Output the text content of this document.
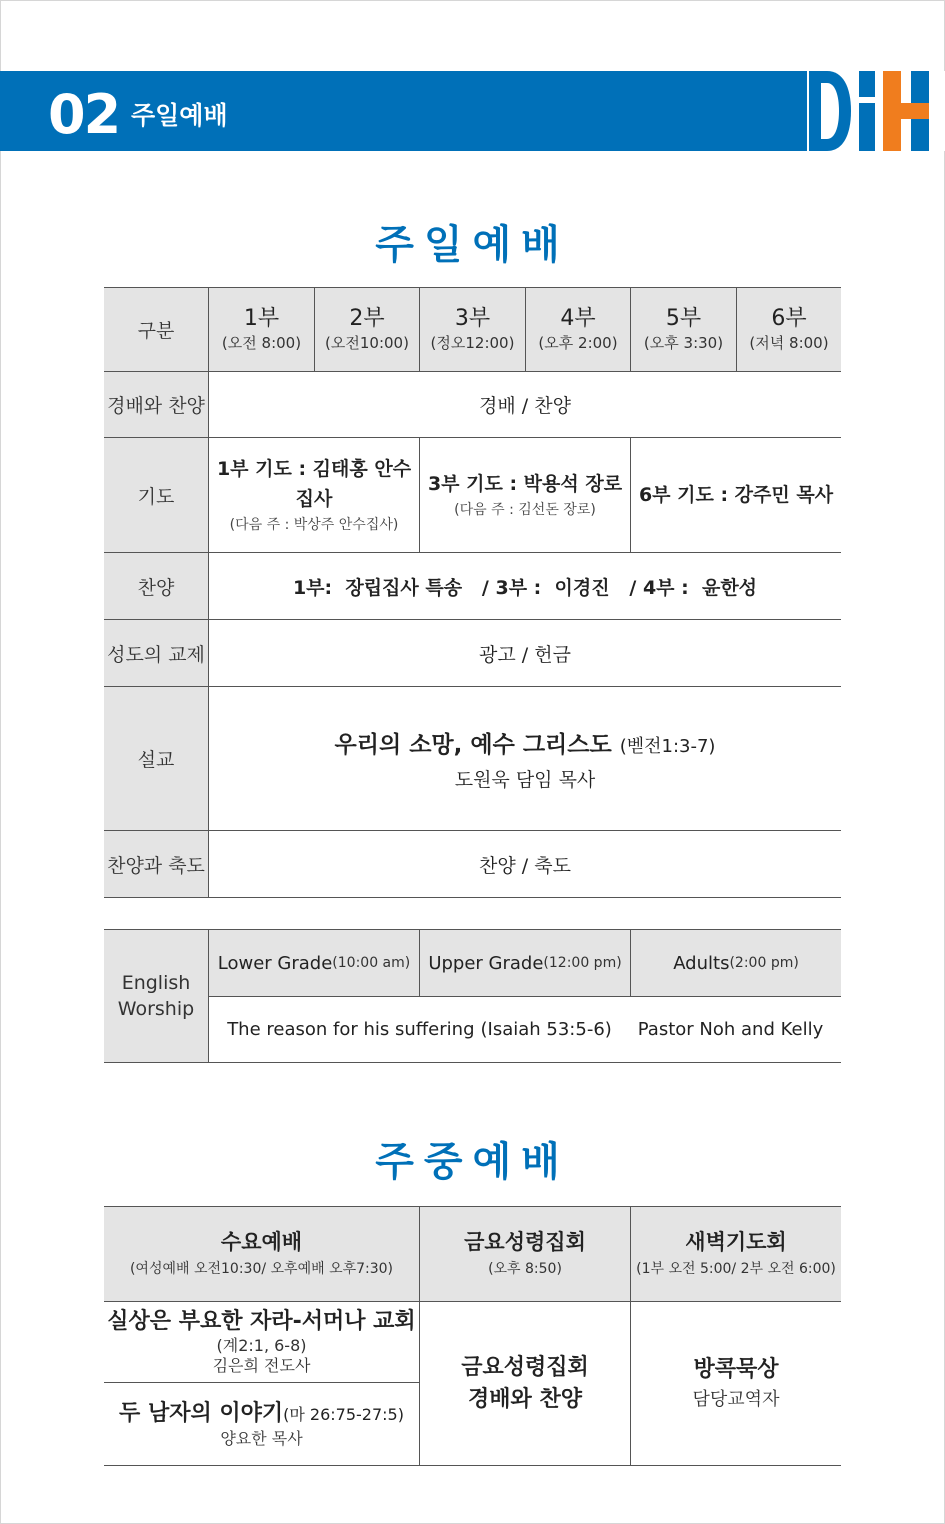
02 주일예배
주일예배
구분
경배와 찬양
기도
찬양
성도의 교제
설교
찬양과 축도
1부
(오전 8:00)
2부
(오전10:00)
3부
(정오12:00)
4부
(오후 2:00)
5부
(오후 3:30)
6부
(저녁 8:00)
경배 / 찬양
1부 기도 : 김태홍 안수집사
(다음 주 : 박상주 안수집사)
3부 기도 : 박용석 장로
(다음 주 : 김선돈 장로)
6부 기도 : 강주민 목사
1부:  장립집사 특송   / 3부 :  이경진   / 4부 :  윤한성
광고 / 헌금
우리의 소망, 예수 그리스도 (벧전1:3-7)
도원욱 담임 목사
찬양 / 축도
English
Worship
Lower Grade (10:00 am) Upper Grade (12:00 pm)	Adults (2:00 pm)
The reason for his suffering (Isaiah 53:5-6)	Pastor Noh and Kelly
주중예배
수요예배
(여성예배 오전10:30/ 오후예배 오후7:30)
금요성령집회
(오후 8:50)
새벽기도회
(1부 오전 5:00/ 2부 오전 6:00)
실상은 부요한 자라-서머나 교회
(계2:1, 6-8)
김은희 전도사
두 남자의 이야기(마 26:75-27:5)
양요한 목사
금요성령집회
경배와 찬양
방콕묵상
담당교역자
